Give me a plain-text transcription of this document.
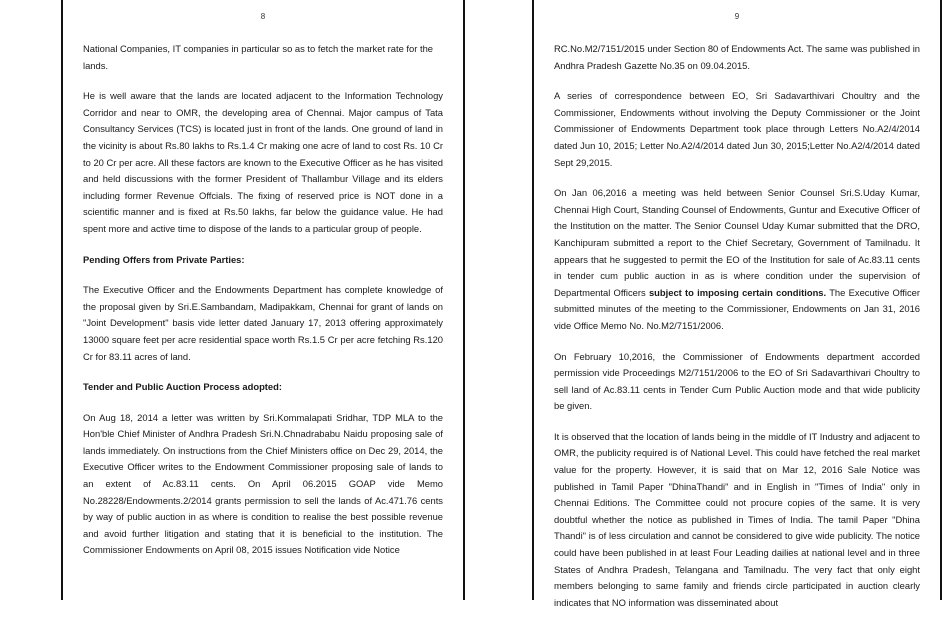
8

National Companies, IT companies in particular so as to fetch the market rate for the lands.

He is well aware that the lands are located adjacent to the Information Technology Corridor and near to OMR, the developing area of Chennai. Major campus of Tata Consultancy Services (TCS) is located just in front of the lands. One ground of land in the vicinity is about Rs.80 lakhs to Rs.1.4 Cr making one acre of land to cost Rs. 10 Cr to 20 Cr per acre. All these factors are known to the Executive Officer as he has visited and held discussions with the former President of Thallambur Village and its elders including former Revenue Offcials. The fixing of reserved price is NOT done in a scientific manner and is fixed at Rs.50 lakhs, far below the guidance value. He had spent more and active time to dispose of the lands to a particular group of people.

Pending Offers from Private Parties:

The Executive Officer and the Endowments Department has complete knowledge of the proposal given by Sri.E.Sambandam, Madipakkam, Chennai for grant of lands on "Joint Development" basis vide letter dated January 17, 2013 offering approximately 13000 square feet per acre residential space worth Rs.1.5 Cr per acre fetching Rs.120 Cr for 83.11 acres of land.

Tender and Public Auction Process adopted:

On Aug 18, 2014 a letter was written by Sri.Kommalapati Sridhar, TDP MLA to the Hon'ble Chief Minister of Andhra Pradesh Sri.N.Chnadrababu Naidu proposing sale of lands immediately. On instructions from the Chief Ministers office on Dec 29, 2014, the Executive Officer writes to the Endowment Commissioner proposing sale of lands to an extent of Ac.83.11 cents. On April 06.2015 GOAP vide Memo No.28228/Endowments.2/2014 grants permission to sell the lands of Ac.471.76 cents by way of public auction in as where is condition to realise the best possible revenue and avoid further litigation and stating that it is beneficial to the institution. The Commissioner Endowments on April 08, 2015 issues Notification vide Notice

9

RC.No.M2/7151/2015 under Section 80 of Endowments Act. The same was published in Andhra Pradesh Gazette No.35 on 09.04.2015.

A series of correspondence between EO, Sri Sadavarthivari Choultry and the Commissioner, Endowments without involving the Deputy Commissioner or the Joint Commissioner of Endowments Department took place through Letters No.A2/4/2014 dated Jun 10, 2015; Letter No.A2/4/2014 dated Jun 30, 2015;Letter No.A2/4/2014 dated Sept 29,2015.

On Jan 06,2016 a meeting was held between Senior Counsel Sri.S.Uday Kumar, Chennai High Court, Standing Counsel of Endowments, Guntur and Executive Officer of the Institution on the matter. The Senior Counsel Uday Kumar submitted that the DRO, Kanchipuram submitted a report to the Chief Secretary, Government of Tamilnadu. It appears that he suggested to permit the EO of the Institution for sale of Ac.83.11 cents in tender cum public auction in as is where condition under the supervision of Departmental Officers subject to imposing certain conditions. The Executive Officer submitted minutes of the meeting to the Commissioner, Endowments on Jan 31, 2016 vide Office Memo No. No.M2/7151/2006.

On February 10,2016, the Commissioner of Endowments department accorded permission vide Proceedings M2/7151/2006 to the EO of Sri Sadavarthivari Choultry to sell land of Ac.83.11 cents in Tender Cum Public Auction mode and that wide publicity be given.

It is observed that the location of lands being in the middle of IT Industry and adjacent to OMR, the publicity required is of National Level. This could have fetched the real market value for the property. However, it is said that on Mar 12, 2016 Sale Notice was published in Tamil Paper "DhinaThandi" and in English in "Times of India" only in Chennai Editions. The Committee could not procure copies of the same. It is very doubtful whether the notice as published in Times of India. The tamil Paper "Dhina Thandi" is of less circulation and cannot be considered to give wide publicity. The notice could have been published in at least Four Leading dailies at national level and in three States of Andhra Pradesh, Telangana and Tamilnadu. The very fact that only eight members belonging to same family and friends circle participated in auction clearly indicates that NO information was disseminated about
